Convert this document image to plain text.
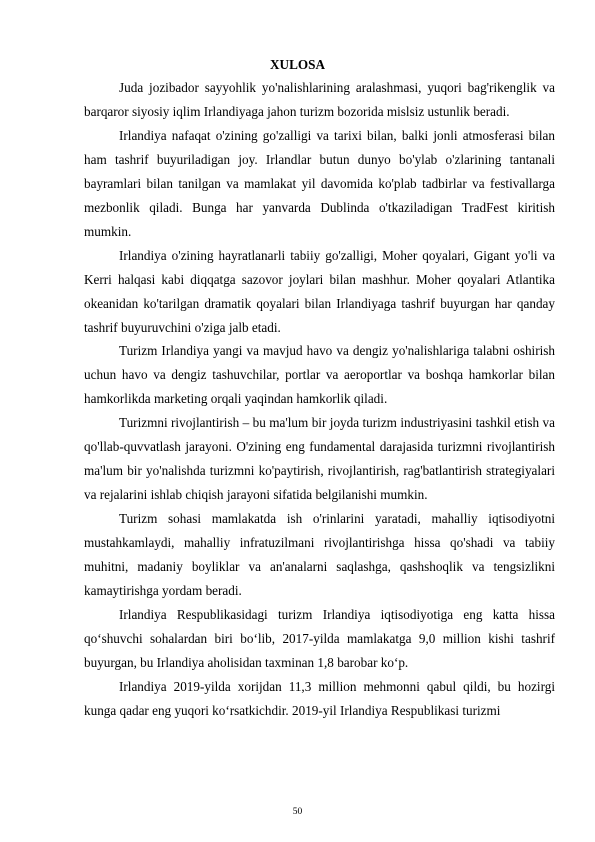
XULOSA

Juda jozibador sayyohlik yo'nalishlarining aralashmasi, yuqori bag'rikenglik va barqaror siyosiy iqlim Irlandiyaga jahon turizm bozorida mislsiz ustunlik beradi.

Irlandiya nafaqat o'zining go'zalligi va tarixi bilan, balki jonli atmosferasi bilan ham tashrif buyuriladigan joy. Irlandlar butun dunyo bo'ylab o'zlarining tantanali bayramlari bilan tanilgan va mamlakat yil davomida ko'plab tadbirlar va festivallarga mezbonlik qiladi. Bunga har yanvarda Dublinda o'tkaziladigan TradFest kiritish mumkin.

Irlandiya o'zining hayratlanarli tabiiy go'zalligi, Moher qoyalari, Gigant yo'li va Kerri halqasi kabi diqqatga sazovor joylari bilan mashhur. Moher qoyalari Atlantika okeanidan ko'tarilgan dramatik qoyalari bilan Irlandiyaga tashrif buyurgan har qanday tashrif buyuruvchini o'ziga jalb etadi.

Turizm Irlandiya yangi va mavjud havo va dengiz yo'nalishlariga talabni oshirish uchun havo va dengiz tashuvchilar, portlar va aeroportlar va boshqa hamkorlar bilan hamkorlikda marketing orqali yaqindan hamkorlik qiladi.

Turizmni rivojlantirish – bu ma'lum bir joyda turizm industriyasini tashkil etish va qo'llab-quvvatlash jarayoni. O'zining eng fundamental darajasida turizmni rivojlantirish ma'lum bir yo'nalishda turizmni ko'paytirish, rivojlantirish, rag'batlantirish strategiyalari va rejalarini ishlab chiqish jarayoni sifatida belgilanishi mumkin.

Turizm sohasi mamlakatda ish o'rinlarini yaratadi, mahalliy iqtisodiyotni mustahkamlaydi, mahalliy infratuzilmani rivojlantirishga hissa qo'shadi va tabiiy muhitni, madaniy boyliklar va an'analarni saqlashga, qashshoqlik va tengsizlikni kamaytirishga yordam beradi.

Irlandiya Respublikasidagi turizm Irlandiya iqtisodiyotiga eng katta hissa qo‘shuvchi sohalardan biri bo‘lib, 2017-yilda mamlakatga 9,0 million kishi tashrif buyurgan, bu Irlandiya aholisidan taxminan 1,8 barobar ko‘p.

Irlandiya 2019-yilda xorijdan 11,3 million mehmonni qabul qildi, bu hozirgi kunga qadar eng yuqori ko‘rsatkichdir. 2019-yil Irlandiya Respublikasi turizmi

50
